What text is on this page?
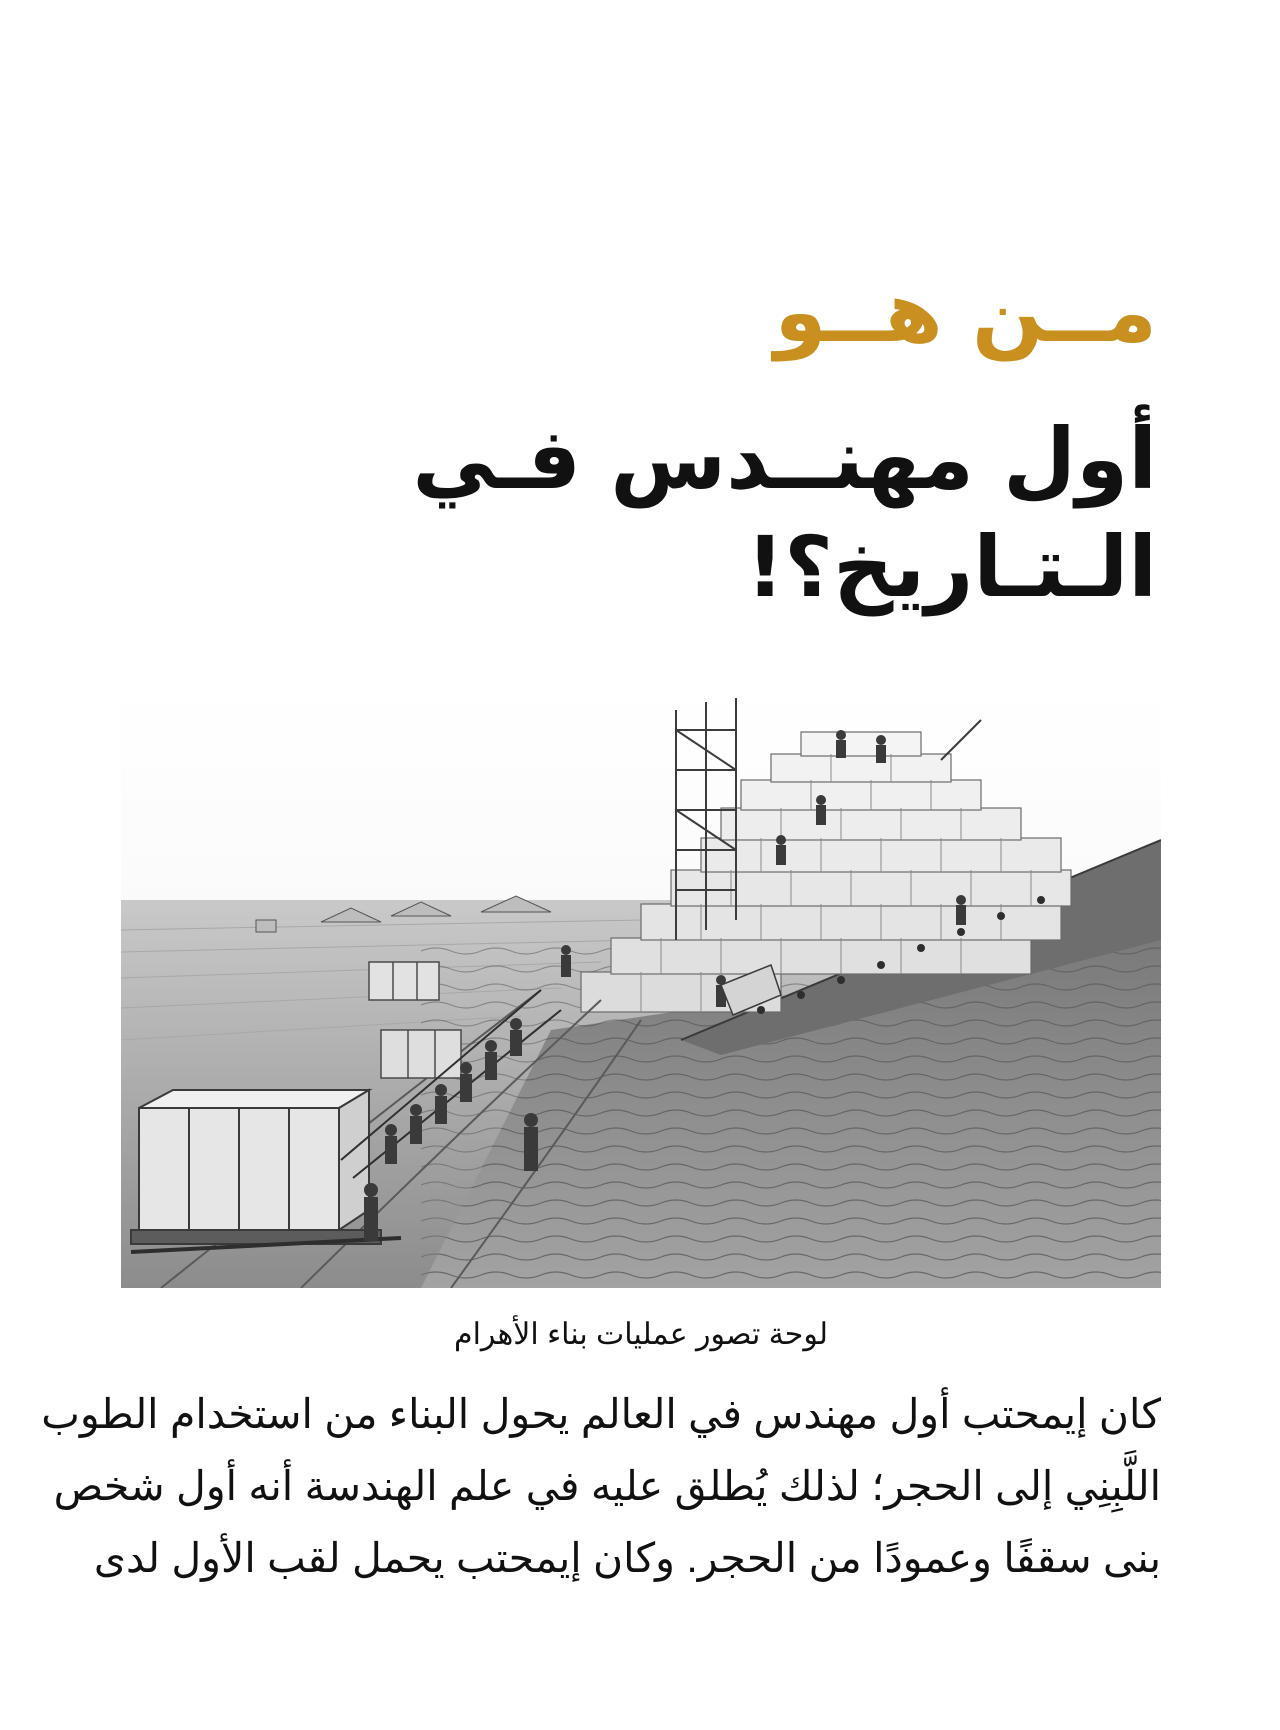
مــن هــو
أول مهنــدس فـي
الـتـاريخ؟!

لوحة تصور عمليات بناء الأهرام

كان إيمحتب أول مهندس في العالم يحول البناء من استخدام الطوب
اللَّبِنِي إلى الحجر؛ لذلك يُطلق عليه في علم الهندسة أنه أول شخص
بنى سقفًا وعمودًا من الحجر. وكان إيمحتب يحمل لقب الأول لدى
